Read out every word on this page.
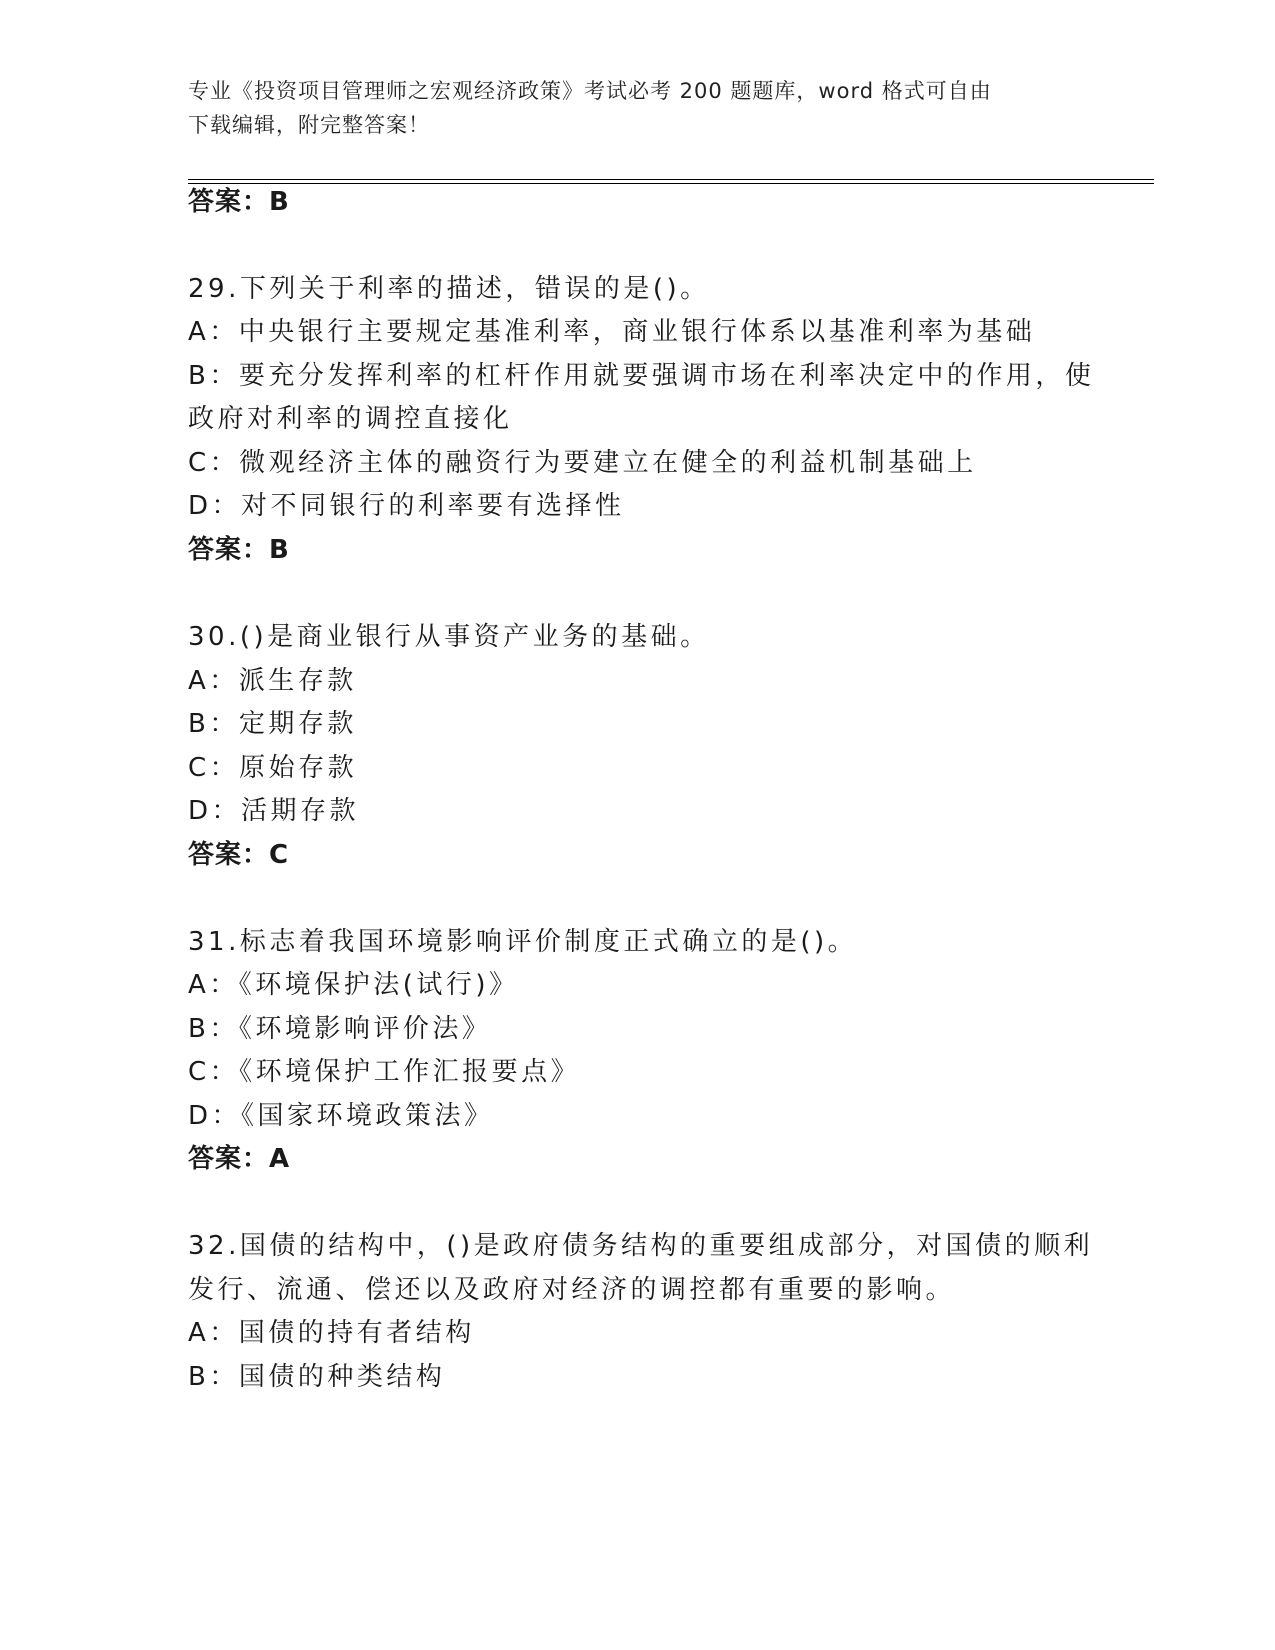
专业《投资项目管理师之宏观经济政策》考试必考 200 题题库，word 格式可自由
下载编辑，附完整答案！
答案：B
29.下列关于利率的描述，错误的是()。
A：中央银行主要规定基准利率，商业银行体系以基准利率为基础
B：要充分发挥利率的杠杆作用就要强调市场在利率决定中的作用，使
政府对利率的调控直接化
C：微观经济主体的融资行为要建立在健全的利益机制基础上
D：对不同银行的利率要有选择性
答案：B
30.()是商业银行从事资产业务的基础。
A：派生存款
B：定期存款
C：原始存款
D：活期存款
答案：C
31.标志着我国环境影响评价制度正式确立的是()。
A：《环境保护法(试行)》
B：《环境影响评价法》
C：《环境保护工作汇报要点》
D：《国家环境政策法》
答案：A
32.国债的结构中，()是政府债务结构的重要组成部分，对国债的顺利
发行、流通、偿还以及政府对经济的调控都有重要的影响。
A：国债的持有者结构
B：国债的种类结构
